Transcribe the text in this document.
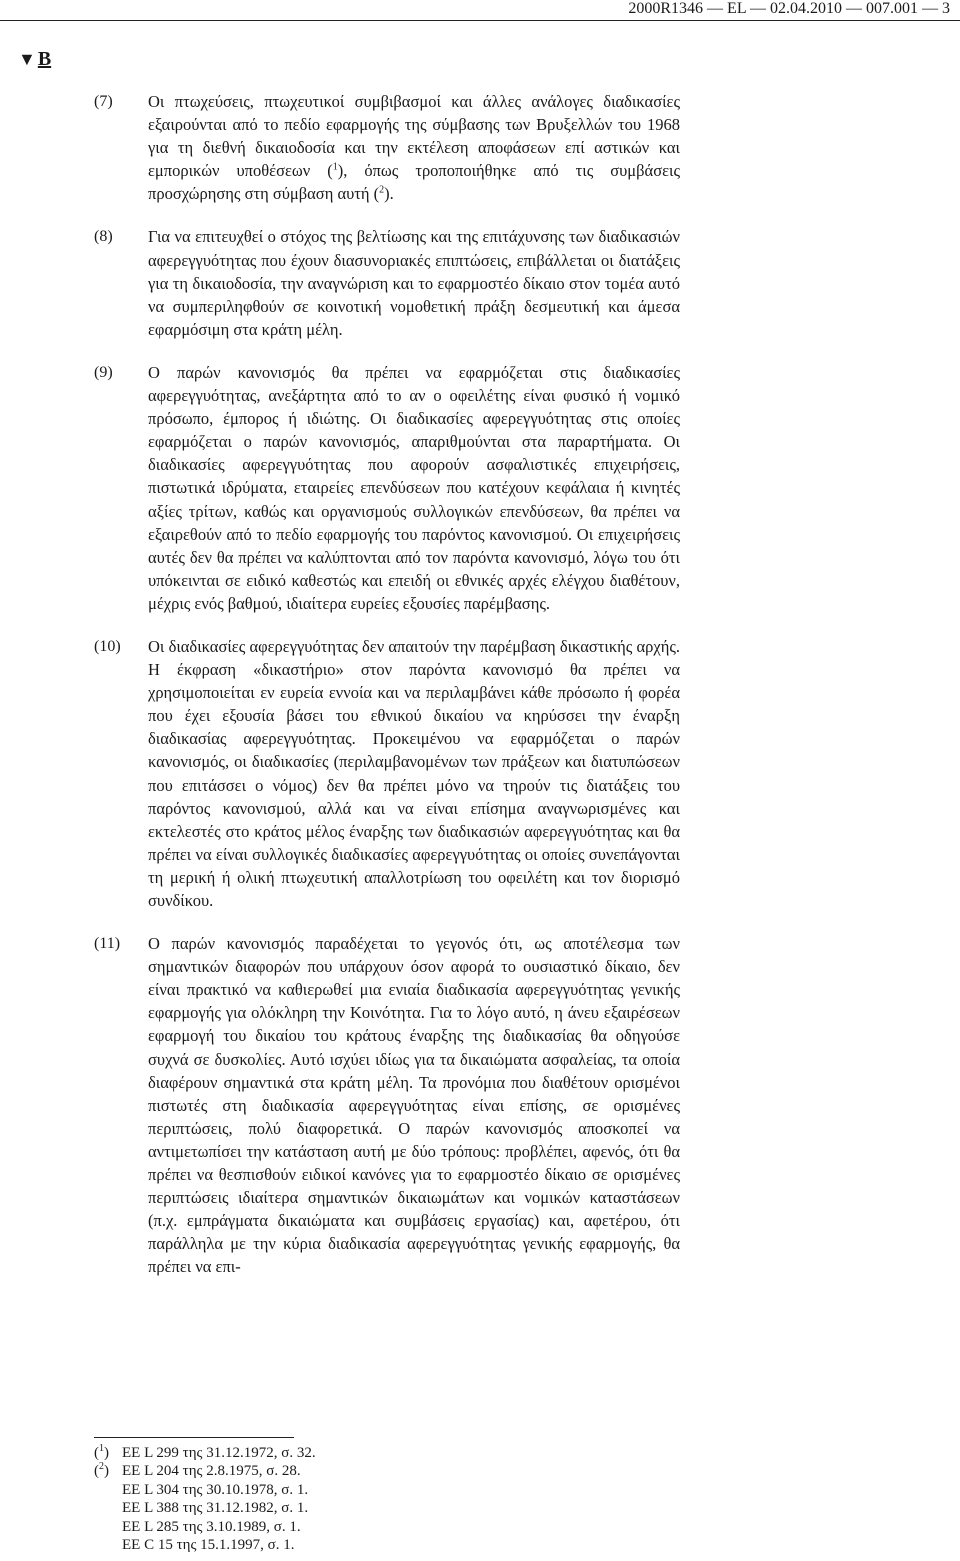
2000R1346 — EL — 02.04.2010 — 007.001 — 3
▼ B
(7)	Οι πτωχεύσεις, πτωχευτικοί συμβιβασμοί και άλλες ανάλογες διαδικασίες εξαιρούνται από το πεδίο εφαρμογής της σύμβασης των Βρυξελλών του 1968 για τη διεθνή δικαιοδοσία και την εκτέλεση αποφάσεων επί αστικών και εμπορικών υποθέσεων ($^1$), όπως τροποποιήθηκε από τις συμβάσεις προσχώρησης στη σύμβαση αυτή ($^2$).
(8)	Για να επιτευχθεί ο στόχος της βελτίωσης και της επιτάχυνσης των διαδικασιών αφερεγγυότητας που έχουν διασυνοριακές επιπτώσεις, επιβάλλεται οι διατάξεις για τη δικαιοδοσία, την αναγνώριση και το εφαρμοστέο δίκαιο στον τομέα αυτό να συμπεριληφθούν σε κοινοτική νομοθετική πράξη δεσμευτική και άμεσα εφαρμόσιμη στα κράτη μέλη.
(9)	Ο παρών κανονισμός θα πρέπει να εφαρμόζεται στις διαδικασίες αφερεγγυότητας, ανεξάρτητα από το αν ο οφειλέτης είναι φυσικό ή νομικό πρόσωπο, έμπορος ή ιδιώτης. Οι διαδικασίες αφερεγγυότητας στις οποίες εφαρμόζεται ο παρών κανονισμός, απαριθμούνται στα παραρτήματα. Οι διαδικασίες αφερεγγυότητας που αφορούν ασφαλιστικές επιχειρήσεις, πιστωτικά ιδρύματα, εταιρείες επενδύσεων που κατέχουν κεφάλαια ή κινητές αξίες τρίτων, καθώς και οργανισμούς συλλογικών επενδύσεων, θα πρέπει να εξαιρεθούν από το πεδίο εφαρμογής του παρόντος κανονισμού. Οι επιχειρήσεις αυτές δεν θα πρέπει να καλύπτονται από τον παρόντα κανονισμό, λόγω του ότι υπόκεινται σε ειδικό καθεστώς και επειδή οι εθνικές αρχές ελέγχου διαθέτουν, μέχρις ενός βαθμού, ιδιαίτερα ευρείες εξουσίες παρέμβασης.
(10)	Οι διαδικασίες αφερεγγυότητας δεν απαιτούν την παρέμβαση δικαστικής αρχής. Η έκφραση «δικαστήριο» στον παρόντα κανονισμό θα πρέπει να χρησιμοποιείται εν ευρεία εννοία και να περιλαμβάνει κάθε πρόσωπο ή φορέα που έχει εξουσία βάσει του εθνικού δικαίου να κηρύσσει την έναρξη διαδικασίας αφερεγγυότητας. Προκειμένου να εφαρμόζεται ο παρών κανονισμός, οι διαδικασίες (περιλαμβανομένων των πράξεων και διατυπώσεων που επιτάσσει ο νόμος) δεν θα πρέπει μόνο να τηρούν τις διατάξεις του παρόντος κανονισμού, αλλά και να είναι επίσημα αναγνωρισμένες και εκτελεστές στο κράτος μέλος έναρξης των διαδικασιών αφερεγγυότητας και θα πρέπει να είναι συλλογικές διαδικασίες αφερεγγυότητας οι οποίες συνεπάγονται τη μερική ή ολική πτωχευτική απαλλοτρίωση του οφειλέτη και τον διορισμό συνδίκου.
(11)	Ο παρών κανονισμός παραδέχεται το γεγονός ότι, ως αποτέλεσμα των σημαντικών διαφορών που υπάρχουν όσον αφορά το ουσιαστικό δίκαιο, δεν είναι πρακτικό να καθιερωθεί μια ενιαία διαδικασία αφερεγγυότητας γενικής εφαρμογής για ολόκληρη την Κοινότητα. Για το λόγο αυτό, η άνευ εξαιρέσεων εφαρμογή του δικαίου του κράτους έναρξης της διαδικασίας θα οδηγούσε συχνά σε δυσκολίες. Αυτό ισχύει ιδίως για τα δικαιώματα ασφαλείας, τα οποία διαφέρουν σημαντικά στα κράτη μέλη. Τα προνόμια που διαθέτουν ορισμένοι πιστωτές στη διαδικασία αφερεγγυότητας είναι επίσης, σε ορισμένες περιπτώσεις, πολύ διαφορετικά. Ο παρών κανονισμός αποσκοπεί να αντιμετωπίσει την κατάσταση αυτή με δύο τρόπους: προβλέπει, αφενός, ότι θα πρέπει να θεσπισθούν ειδικοί κανόνες για το εφαρμοστέο δίκαιο σε ορισμένες περιπτώσεις ιδιαίτερα σημαντικών δικαιωμάτων και νομικών καταστάσεων (π.χ. εμπράγματα δικαιώματα και συμβάσεις εργασίας) και, αφετέρου, ότι παράλληλα με την κύρια διαδικασία αφερεγγυότητας γενικής εφαρμογής, θα πρέπει να επι-
($^1$) EE L 299 της 31.12.1972, σ. 32.
($^2$) EE L 204 της 2.8.1975, σ. 28.
EE L 304 της 30.10.1978, σ. 1.
EE L 388 της 31.12.1982, σ. 1.
EE L 285 της 3.10.1989, σ. 1.
EE C 15 της 15.1.1997, σ. 1.
